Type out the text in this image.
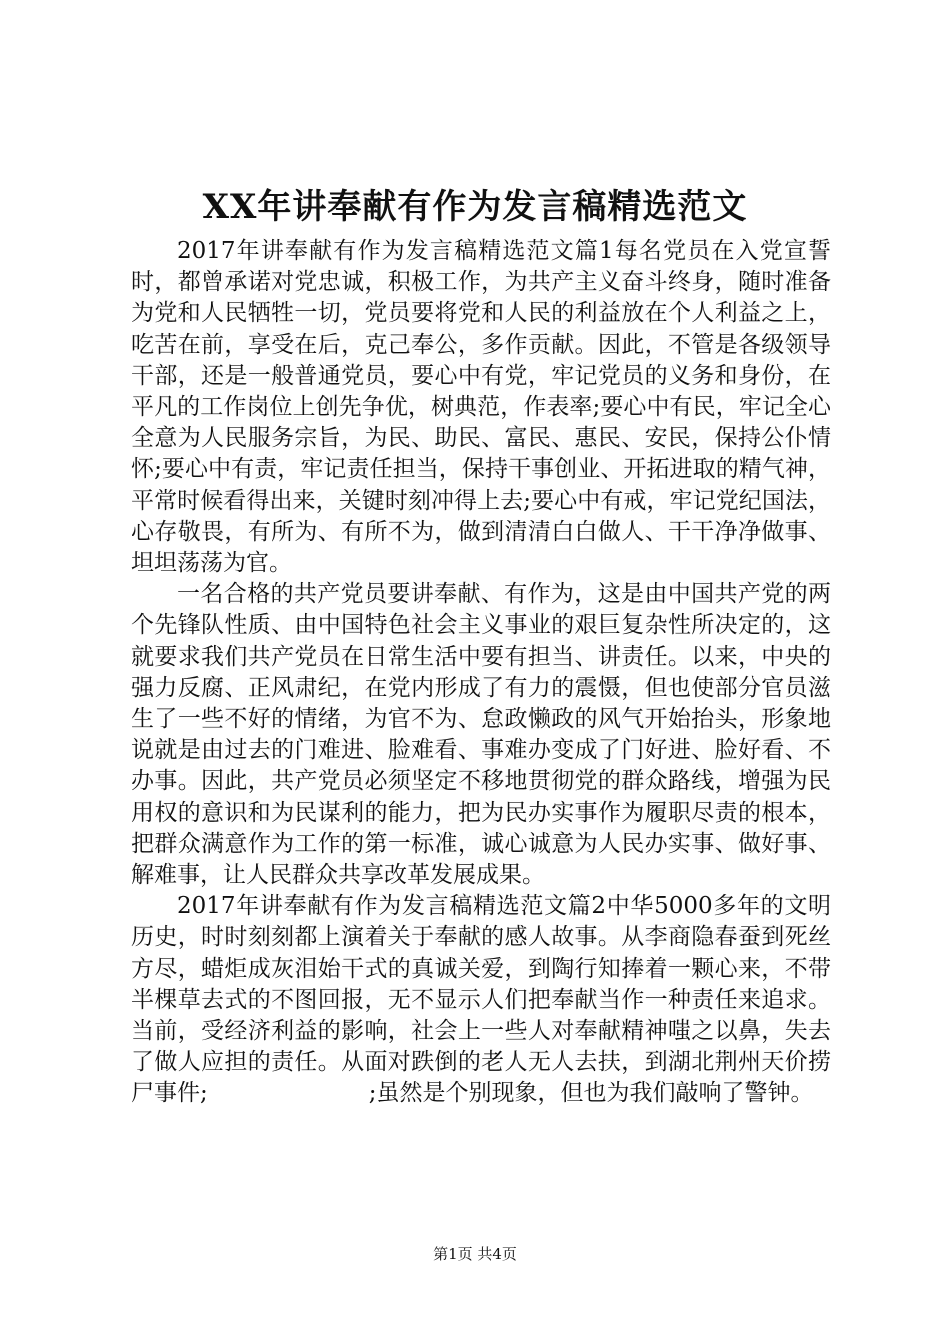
XX年讲奉献有作为发言稿精选范文

2017年讲奉献有作为发言稿精选范文篇1每名党员在入党宣誓时，都曾承诺对党忠诚，积极工作，为共产主义奋斗终身，随时准备为党和人民牺牲一切，党员要将党和人民的利益放在个人利益之上，吃苦在前，享受在后，克己奉公，多作贡献。因此，不管是各级领导干部，还是一般普通党员，要心中有党，牢记党员的义务和身份，在平凡的工作岗位上创先争优，树典范，作表率;要心中有民，牢记全心全意为人民服务宗旨，为民、助民、富民、惠民、安民，保持公仆情怀;要心中有责，牢记责任担当，保持干事创业、开拓进取的精气神，平常时候看得出来，关键时刻冲得上去;要心中有戒，牢记党纪国法，心存敬畏，有所为、有所不为，做到清清白白做人、干干净净做事、坦坦荡荡为官。

一名合格的共产党员要讲奉献、有作为，这是由中国共产党的两个先锋队性质、由中国特色社会主义事业的艰巨复杂性所决定的，这就要求我们共产党员在日常生活中要有担当、讲责任。以来，中央的强力反腐、正风肃纪，在党内形成了有力的震慑，但也使部分官员滋生了一些不好的情绪，为官不为、怠政懒政的风气开始抬头，形象地说就是由过去的门难进、脸难看、事难办变成了门好进、脸好看、不办事。因此，共产党员必须坚定不移地贯彻党的群众路线，增强为民用权的意识和为民谋利的能力，把为民办实事作为履职尽责的根本，把群众满意作为工作的第一标准，诚心诚意为人民办实事、做好事、解难事，让人民群众共享改革发展成果。

2017年讲奉献有作为发言稿精选范文篇2中华5000多年的文明历史，时时刻刻都上演着关于奉献的感人故事。从李商隐春蚕到死丝方尽，蜡炬成灰泪始干式的真诚关爱，到陶行知捧着一颗心来，不带半棵草去式的不图回报，无不显示人们把奉献当作一种责任来追求。当前，受经济利益的影响，社会上一些人对奉献精神嗤之以鼻，失去了做人应担的责任。从面对跌倒的老人无人去扶，到湖北荆州天价捞尸事件;　　　　　　　;虽然是个别现象，但也为我们敲响了警钟。

第1页 共4页
